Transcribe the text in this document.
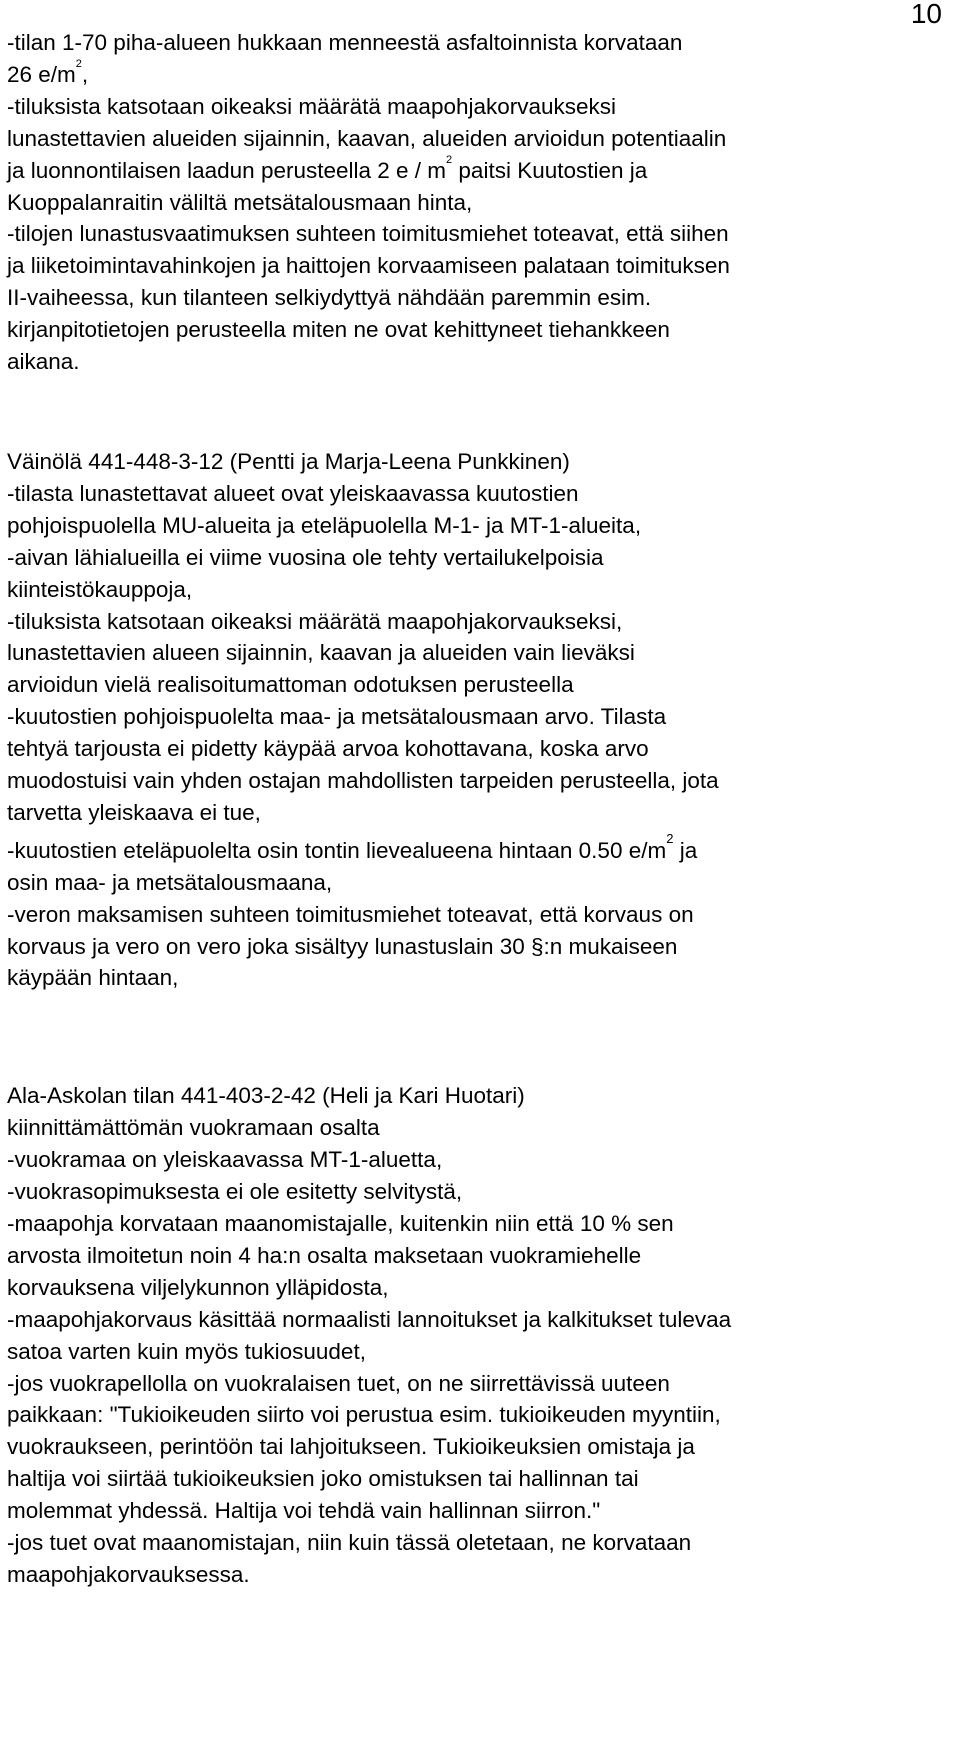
10
-tilan 1-70 piha-alueen hukkaan menneestä asfaltoinnista korvataan
26 $e/m^2$,
-tiluksista katsotaan oikeaksi määrätä maapohjakorvaukseksi
lunastettavien alueiden sijainnin, kaavan, alueiden arvioidun potentiaalin
ja luonnontilaisen laadun perusteella 2 e / $m^2$ paitsi Kuutostien ja
Kuoppalanraitin väliltä metsätalousmaan hinta,
-tilojen lunastusvaatimuksen suhteen toimitusmiehet toteavat, että siihen
ja liiketoimintavahinkojen ja haittojen korvaamiseen palataan toimituksen
II-vaiheessa, kun tilanteen selkiydyttyä nähdään paremmin esim.
kirjanpitotietojen perusteella miten ne ovat kehittyneet tiehankkeen
aikana.
Väinölä 441-448-3-12 (Pentti ja Marja-Leena Punkkinen)
-tilasta lunastettavat alueet ovat yleiskaavassa kuutostien
pohjoispuolella MU-alueita ja eteläpuolella M-1- ja MT-1-alueita,
-aivan lähialueilla ei viime vuosina ole tehty vertailukelpoisia
kiinteistökauppoja,
-tiluksista katsotaan oikeaksi määrätä maapohjakorvaukseksi,
lunastettavien alueen sijainnin, kaavan ja alueiden vain lieväksi
arvioidun vielä realisoitumattoman odotuksen perusteella
-kuutostien pohjoispuolelta maa- ja metsätalousmaan arvo. Tilasta
tehtyä tarjousta ei pidetty käypää arvoa kohottavana, koska arvo
muodostuisi vain yhden ostajan mahdollisten tarpeiden perusteella, jota
tarvetta yleiskaava ei tue,
-kuutostien eteläpuolelta osin tontin lievealueena hintaan 0.50 $e/m^2$ ja
osin maa- ja metsätalousmaana,
-veron maksamisen suhteen toimitusmiehet toteavat, että korvaus on
korvaus ja vero on vero joka sisältyy lunastuslain 30 §:n mukaiseen
käypään hintaan,
Ala-Askolan tilan 441-403-2-42 (Heli ja Kari Huotari)
kiinnittämättömän vuokramaan osalta
-vuokramaa on yleiskaavassa MT-1-aluetta,
-vuokrasopimuksesta ei ole esitetty selvitystä,
-maapohja korvataan maanomistajalle, kuitenkin niin että 10 % sen
arvosta ilmoitetun noin 4 ha:n osalta maksetaan vuokramiehelle
korvauksena viljelykunnon ylläpidosta,
-maapohjakorvaus käsittää normaalisti lannoitukset ja kalkitukset tulevaa
satoa varten kuin myös tukiosuudet,
-jos vuokrapellolla on vuokralaisen tuet, on ne siirrettävissä uuteen
paikkaan: "Tukioikeuden siirto voi perustua esim. tukioikeuden myyntiin,
vuokraukseen, perintöön tai lahjoitukseen. Tukioikeuksien omistaja ja
haltija voi siirtää tukioikeuksien joko omistuksen tai hallinnan tai
molemmat yhdessä. Haltija voi tehdä vain hallinnan siirron."
-jos tuet ovat maanomistajan, niin kuin tässä oletetaan, ne korvataan
maapohjakorvauksessa.
